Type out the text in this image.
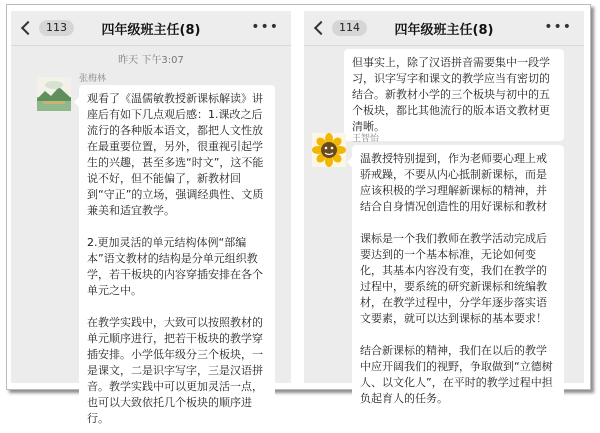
113	四年级班主任(8)	•••
昨天 下午3:07
张梅林

观看了《温儒敏教授新课标解读》讲座后有如下几点观后感：1.课改之后流行的各种版本语文，都把人文性放在最重要位置，另外，很重视引起学生的兴趣，甚至多选“时文”，这不能说不好，但不能偏了，新教材回到“守正”的立场，强调经典性、文质兼美和适宜教学。

2.更加灵活的单元结构体例“部编本”语文教材的结构是分单元组织教学，若干板块的内容穿插安排在各个单元之中。

在教学实践中，大致可以按照教材的单元顺序进行，把若干板块的教学穿插安排。小学低年级分三个板块，一是课文，二是识字写字，三是汉语拼音。教学实践中可以更加灵活一点，也可以大致依托几个板块的顺序进行。

114	四年级班主任(8)	•••

但事实上，除了汉语拼音需要集中一段学习，识字写字和课文的教学应当有密切的结合。新教材小学的三个板块与初中的五个板块，都比其他流行的版本语文教材更清晰。

王智怡

温教授特别提到，作为老师要心理上戒骄戒躁，不要从内心抵制新课标，而是应该积极的学习理解新课标的精神，并结合自身情况创造性的用好课标和教材

课标是一个我们教师在教学活动完成后要达到的一个基本标准，无论如何变化，其基本内容没有变，我们在教学的过程中，要系统的研究新课标和统编教材，在教学过程中，分学年逐步落实语文要素，就可以达到课标的基本要求！

结合新课标的精神，我们在以后的教学中应开阔我们的视野，争取做到“立德树人、以文化人”，在平时的教学过程中担负起育人的任务。
